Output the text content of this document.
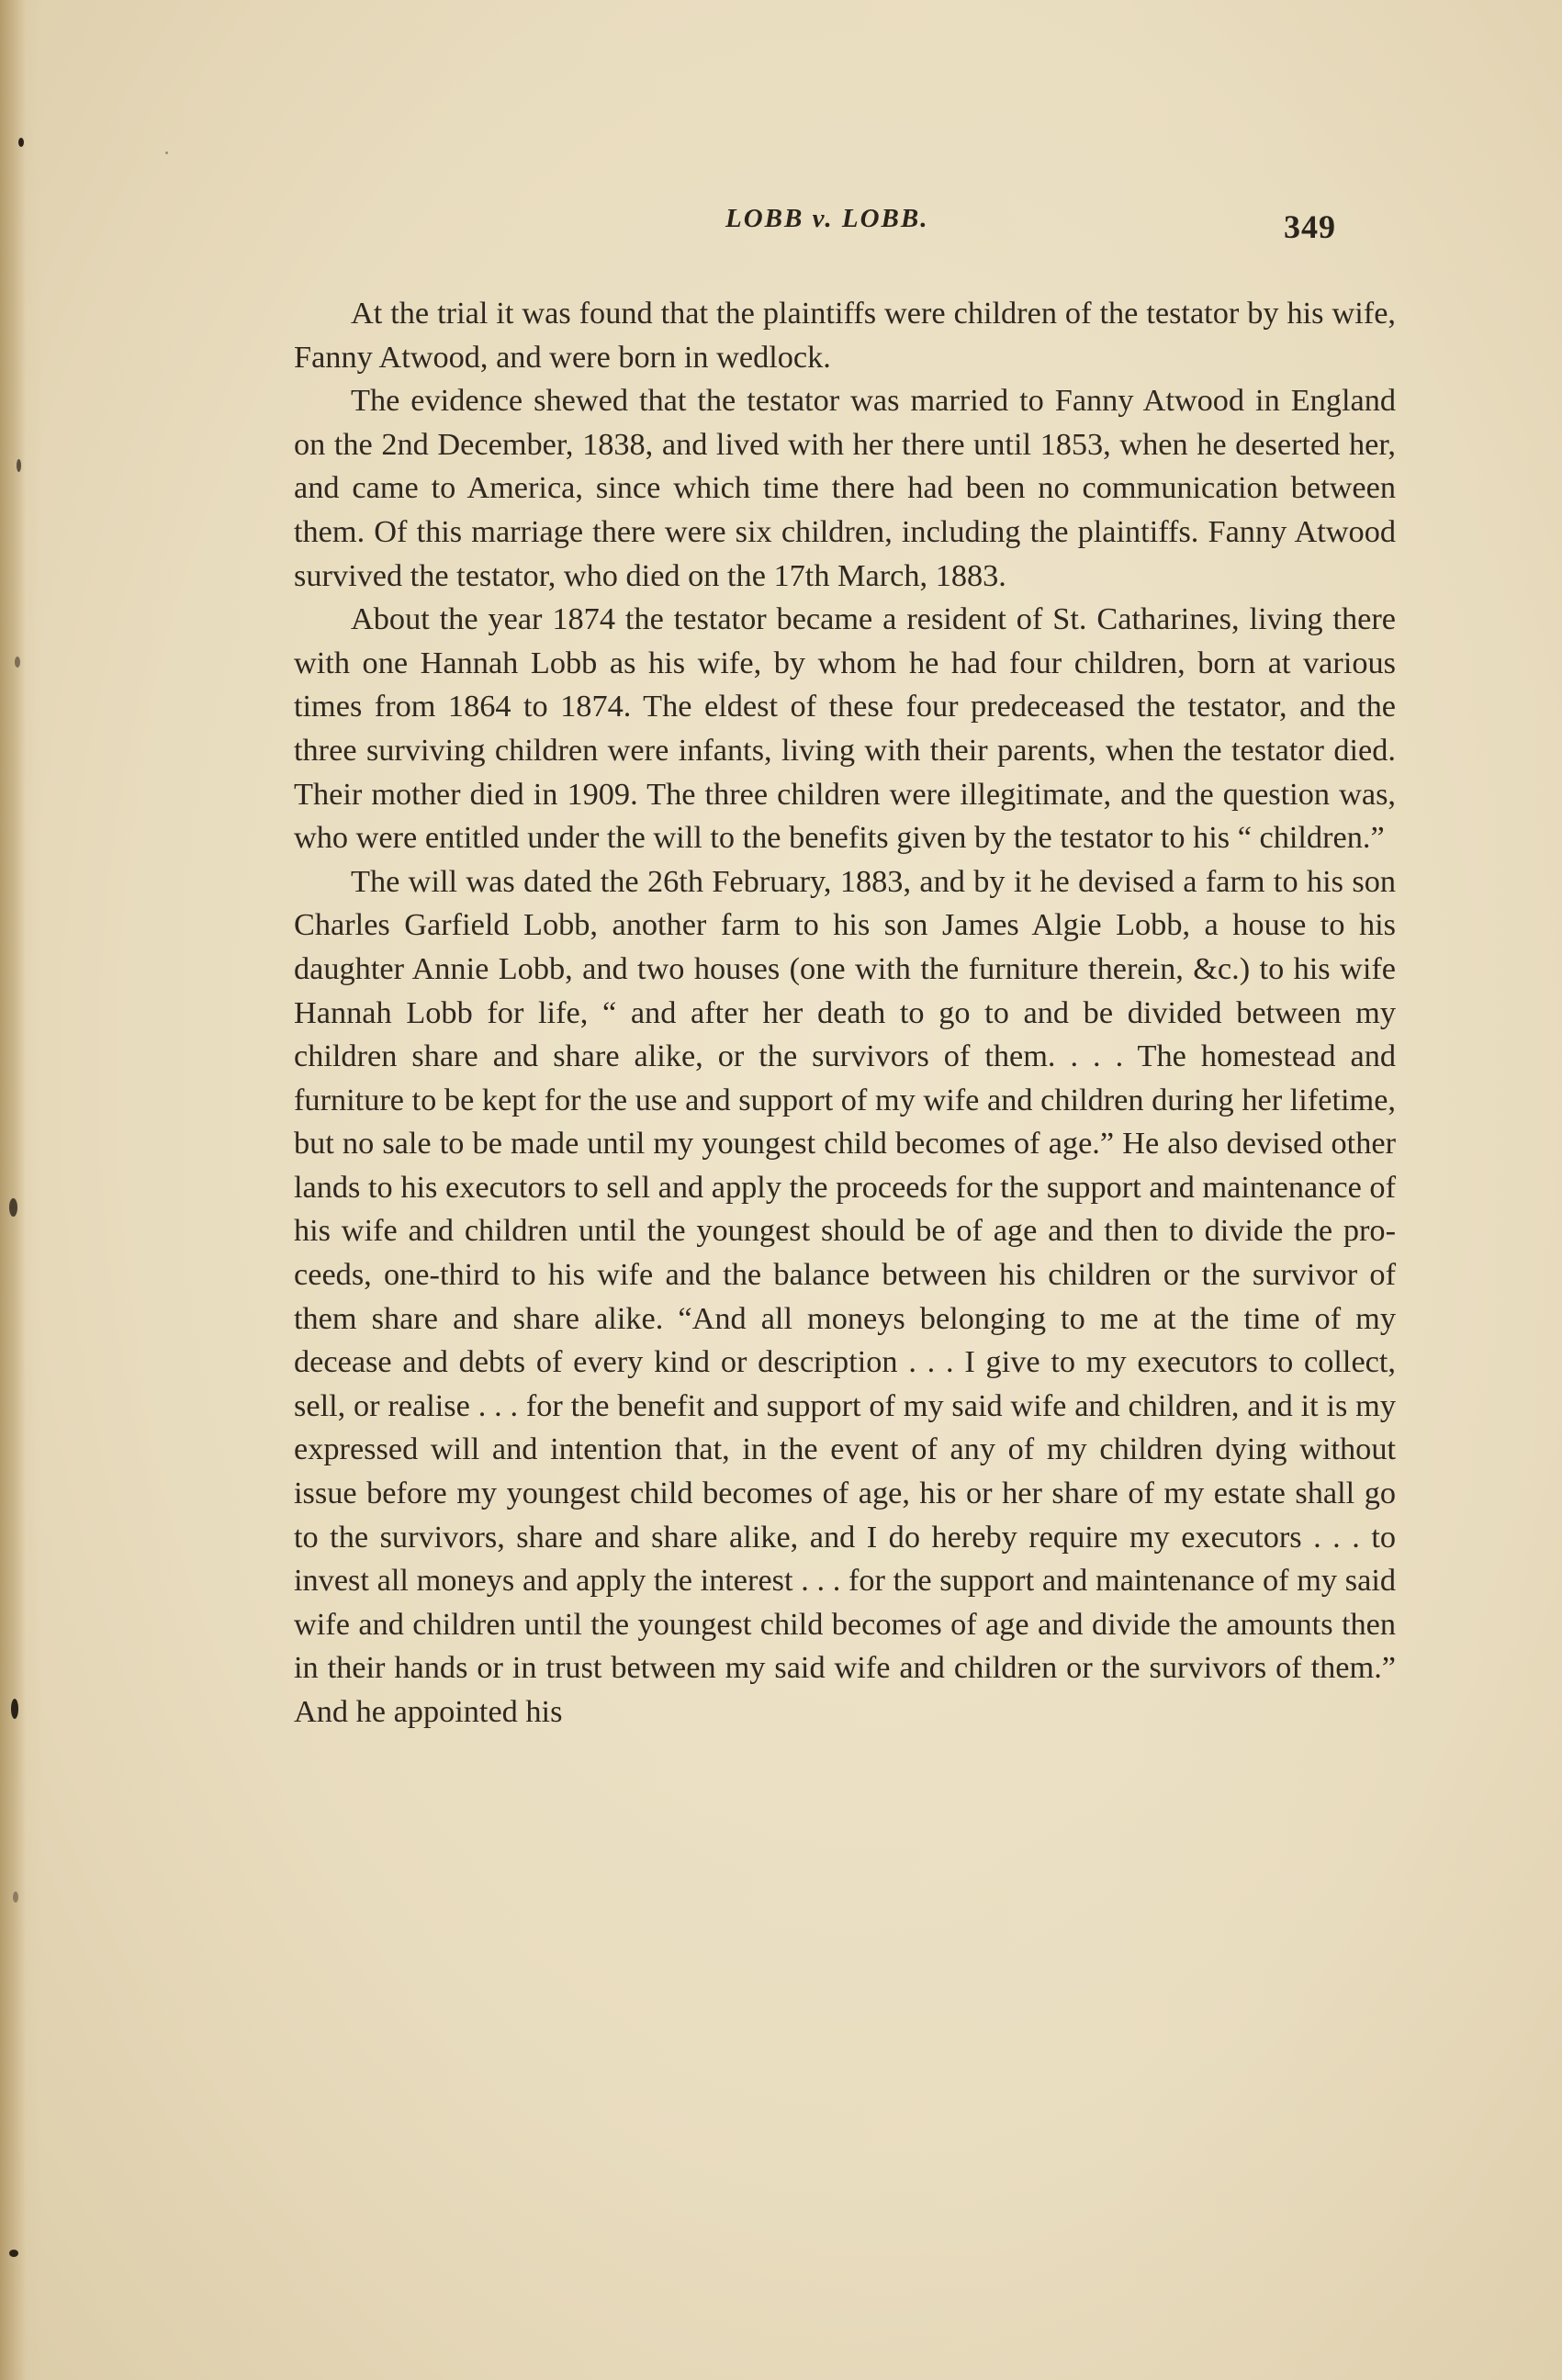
LOBB v. LOBB.	349

At the trial it was found that the plaintiffs were children of the testator by his wife, Fanny Atwood, and were born in wedlock.

The evidence shewed that the testator was married to Fanny Atwood in England on the 2nd December, 1838, and lived with her there until 1853, when he deserted her, and came to America, since which time there had been no communication between them. Of this marriage there were six children, including the plaintiffs. Fanny Atwood survived the testator, who died on the 17th March, 1883.

About the year 1874 the testator became a resident of St. Catharines, living there with one Hannah Lobb as his wife, by whom he had four children, born at various times from 1864 to 1874. The eldest of these four predeceased the testator, and the three surviving children were infants, living with their parents, when the testator died. Their mother died in 1909. The three children were illegitimate, and the question was, who were entitled under the will to the benefits given by the testator to his “ children.”

The will was dated the 26th February, 1883, and by it he devised a farm to his son Charles Garfield Lobb, another farm to his son James Algie Lobb, a house to his daughter Annie Lobb, and two houses (one with the furniture therein, &c.) to his wife Hannah Lobb for life, “ and after her death to go to and be divided between my children share and share alike, or the survivors of them. . . . The homestead and furniture to be kept for the use and support of my wife and children during her lifetime, but no sale to be made until my youngest child becomes of age.” He also devised other lands to his executors to sell and apply the proceeds for the support and maintenance of his wife and children until the youngest should be of age and then to divide the proceeds, one-third to his wife and the balance between his children or the survivor of them share and share alike. “And all moneys belonging to me at the time of my decease and debts of every kind or description . . . I give to my executors to collect, sell, or realise . . . for the benefit and support of my said wife and children, and it is my expressed will and intention that, in the event of any of my children dying without issue before my youngest child becomes of age, his or her share of my estate shall go to the survivors, share and share alike, and I do hereby require my executors . . . to invest all moneys and apply the interest . . . for the support and maintenance of my said wife and children until the youngest child becomes of age and divide the amounts then in their hands or in trust between my said wife and children or the survivors of them.” And he appointed his
